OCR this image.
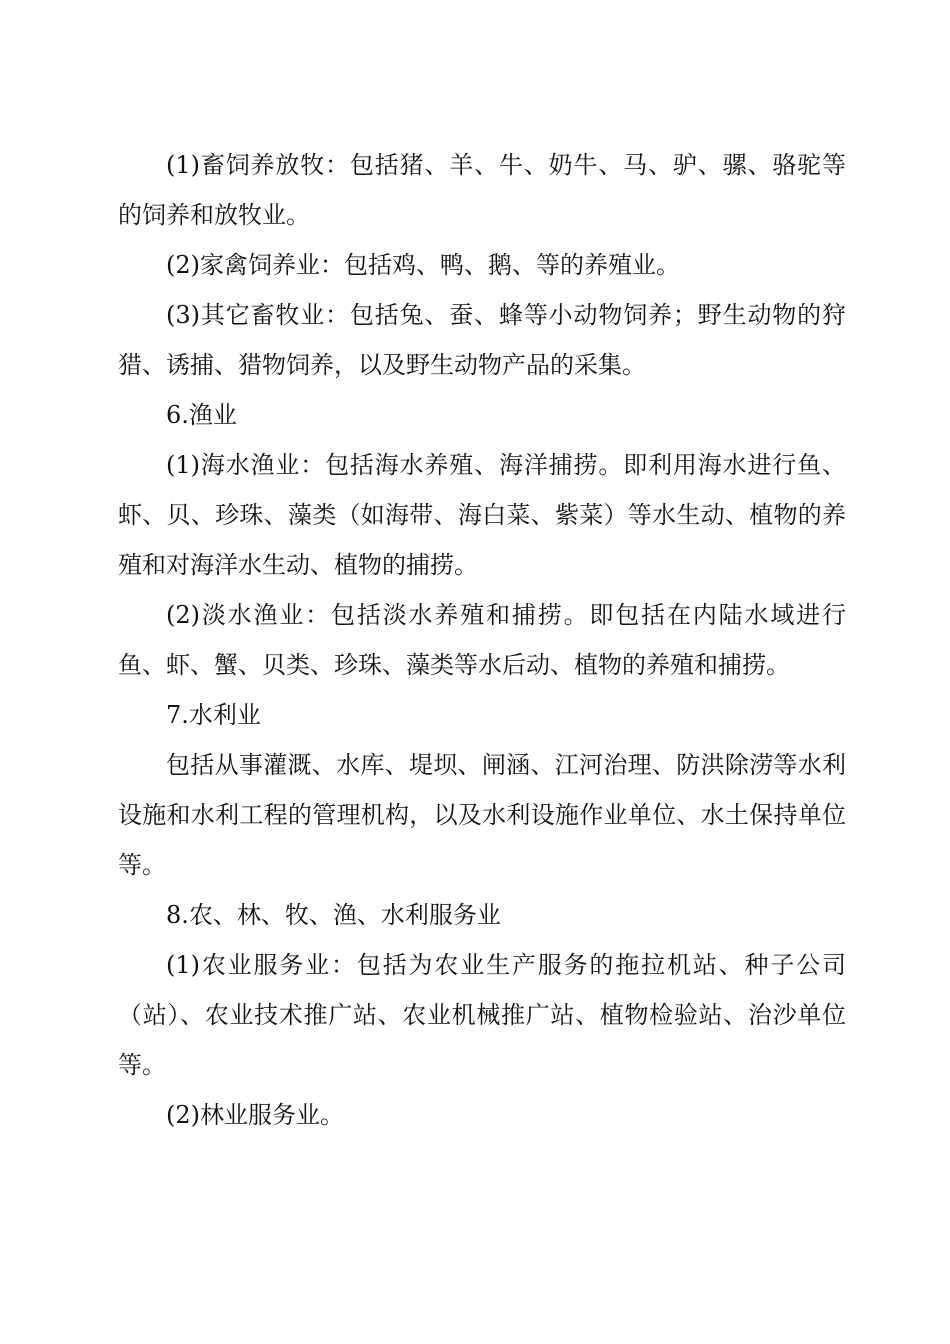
(1)畜饲养放牧：包括猪、羊、牛、奶牛、马、驴、骡、骆驼等的饲养和放牧业。

(2)家禽饲养业：包括鸡、鸭、鹅、等的养殖业。

(3)其它畜牧业：包括兔、蚕、蜂等小动物饲养；野生动物的狩猎、诱捕、猎物饲养，以及野生动物产品的采集。

6.渔业

(1)海水渔业：包括海水养殖、海洋捕捞。即利用海水进行鱼、虾、贝、珍珠、藻类（如海带、海白菜、紫菜）等水生动、植物的养殖和对海洋水生动、植物的捕捞。

(2)淡水渔业：包括淡水养殖和捕捞。即包括在内陆水域进行鱼、虾、蟹、贝类、珍珠、藻类等水后动、植物的养殖和捕捞。

7.水利业

包括从事灌溉、水库、堤坝、闸涵、江河治理、防洪除涝等水利设施和水利工程的管理机构，以及水利设施作业单位、水土保持单位等。

8.农、林、牧、渔、水利服务业

(1)农业服务业：包括为农业生产服务的拖拉机站、种子公司（站）、农业技术推广站、农业机械推广站、植物检验站、治沙单位等。

(2)林业服务业。
